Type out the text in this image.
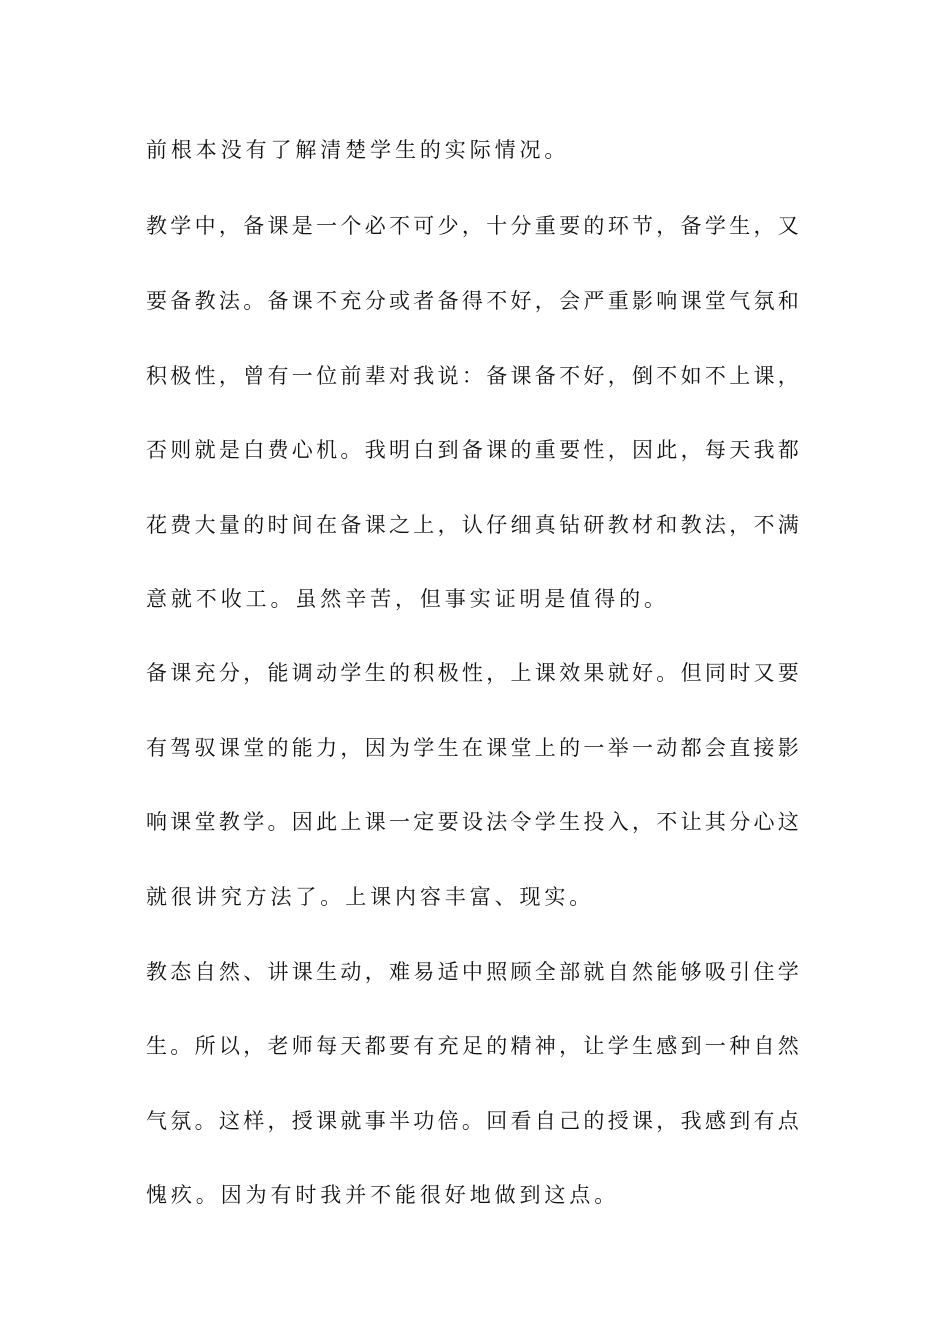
前根本没有了解清楚学生的实际情况。
教学中，备课是一个必不可少，十分重要的环节，备学生，又
要备教法。备课不充分或者备得不好，会严重影响课堂气氛和
积极性，曾有一位前辈对我说：备课备不好，倒不如不上课，
否则就是白费心机。我明白到备课的重要性，因此，每天我都
花费大量的时间在备课之上，认仔细真钻研教材和教法，不满
意就不收工。虽然辛苦，但事实证明是值得的。
备课充分，能调动学生的积极性，上课效果就好。但同时又要
有驾驭课堂的能力，因为学生在课堂上的一举一动都会直接影
响课堂教学。因此上课一定要设法令学生投入，不让其分心这
就很讲究方法了。上课内容丰富、现实。
教态自然、讲课生动，难易适中照顾全部就自然能够吸引住学
生。所以，老师每天都要有充足的精神，让学生感到一种自然
气氛。这样，授课就事半功倍。回看自己的授课，我感到有点
愧疚。因为有时我并不能很好地做到这点。
